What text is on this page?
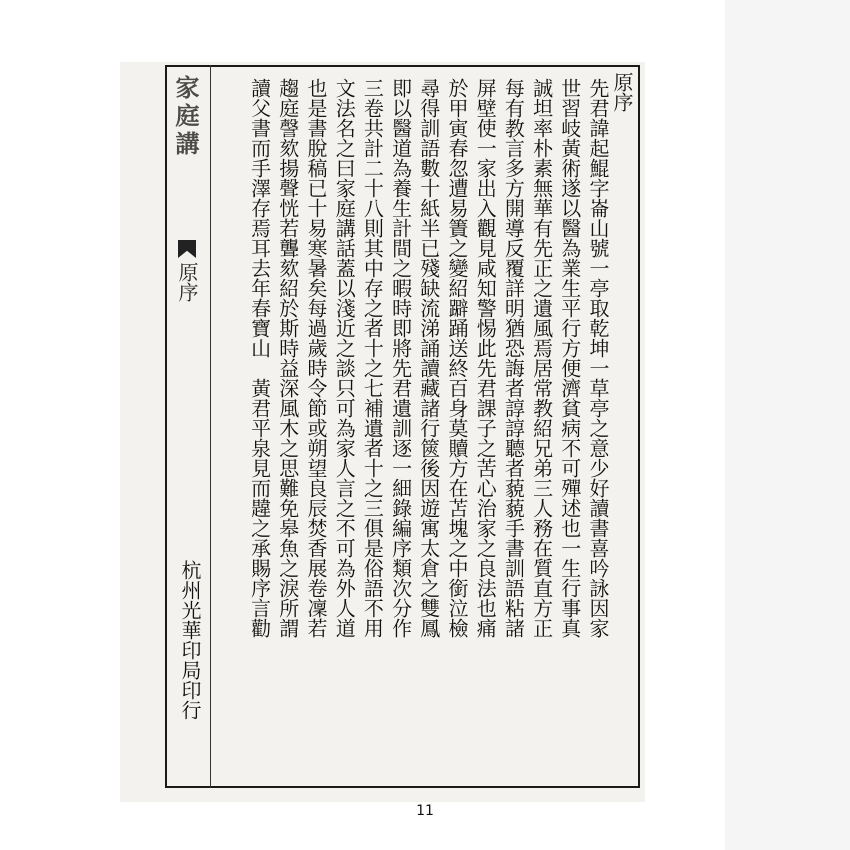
家庭講
原序
杭州光華印局印行
原序
先君諱起鯤字崙山號一亭取乾坤一草亭之意少好讀書喜吟詠因家
世習岐黃術遂以醫為業生平行方便濟貧病不可殫述也一生行事真
誠坦率朴素無華有先正之遺風焉居常教紹兄弟三人務在質直方正
每有教言多方開導反覆詳明猶恐誨者諄諄聽者藐藐手書訓語粘諸
屏壁使一家出入觀見咸知警惕此先君課子之苦心治家之良法也痛
於甲寅春忽遭易簀之變紹躃踊送終百身莫贖方在苫塊之中銜泣檢
尋得訓語數十紙半已殘缺流涕誦讀藏諸行篋後因遊寓太倉之雙鳳
即以醫道為養生計間之暇時即將先君遺訓逐一細錄編序類次分作
三卷共計二十八則其中存之者十之七補遺者十之三俱是俗語不用
文法名之曰家庭講話蓋以淺近之談只可為家人言之不可為外人道
也是書脫稿已十易寒暑矣每過歲時令節或朔望良辰焚香展卷凜若
趨庭謦欬揚聲恍若聾欬紹於斯時益深風木之思難免皋魚之淚所謂
讀父書而手澤存焉耳去年春寶山　黃君平泉見而韙之承賜序言勸
11
